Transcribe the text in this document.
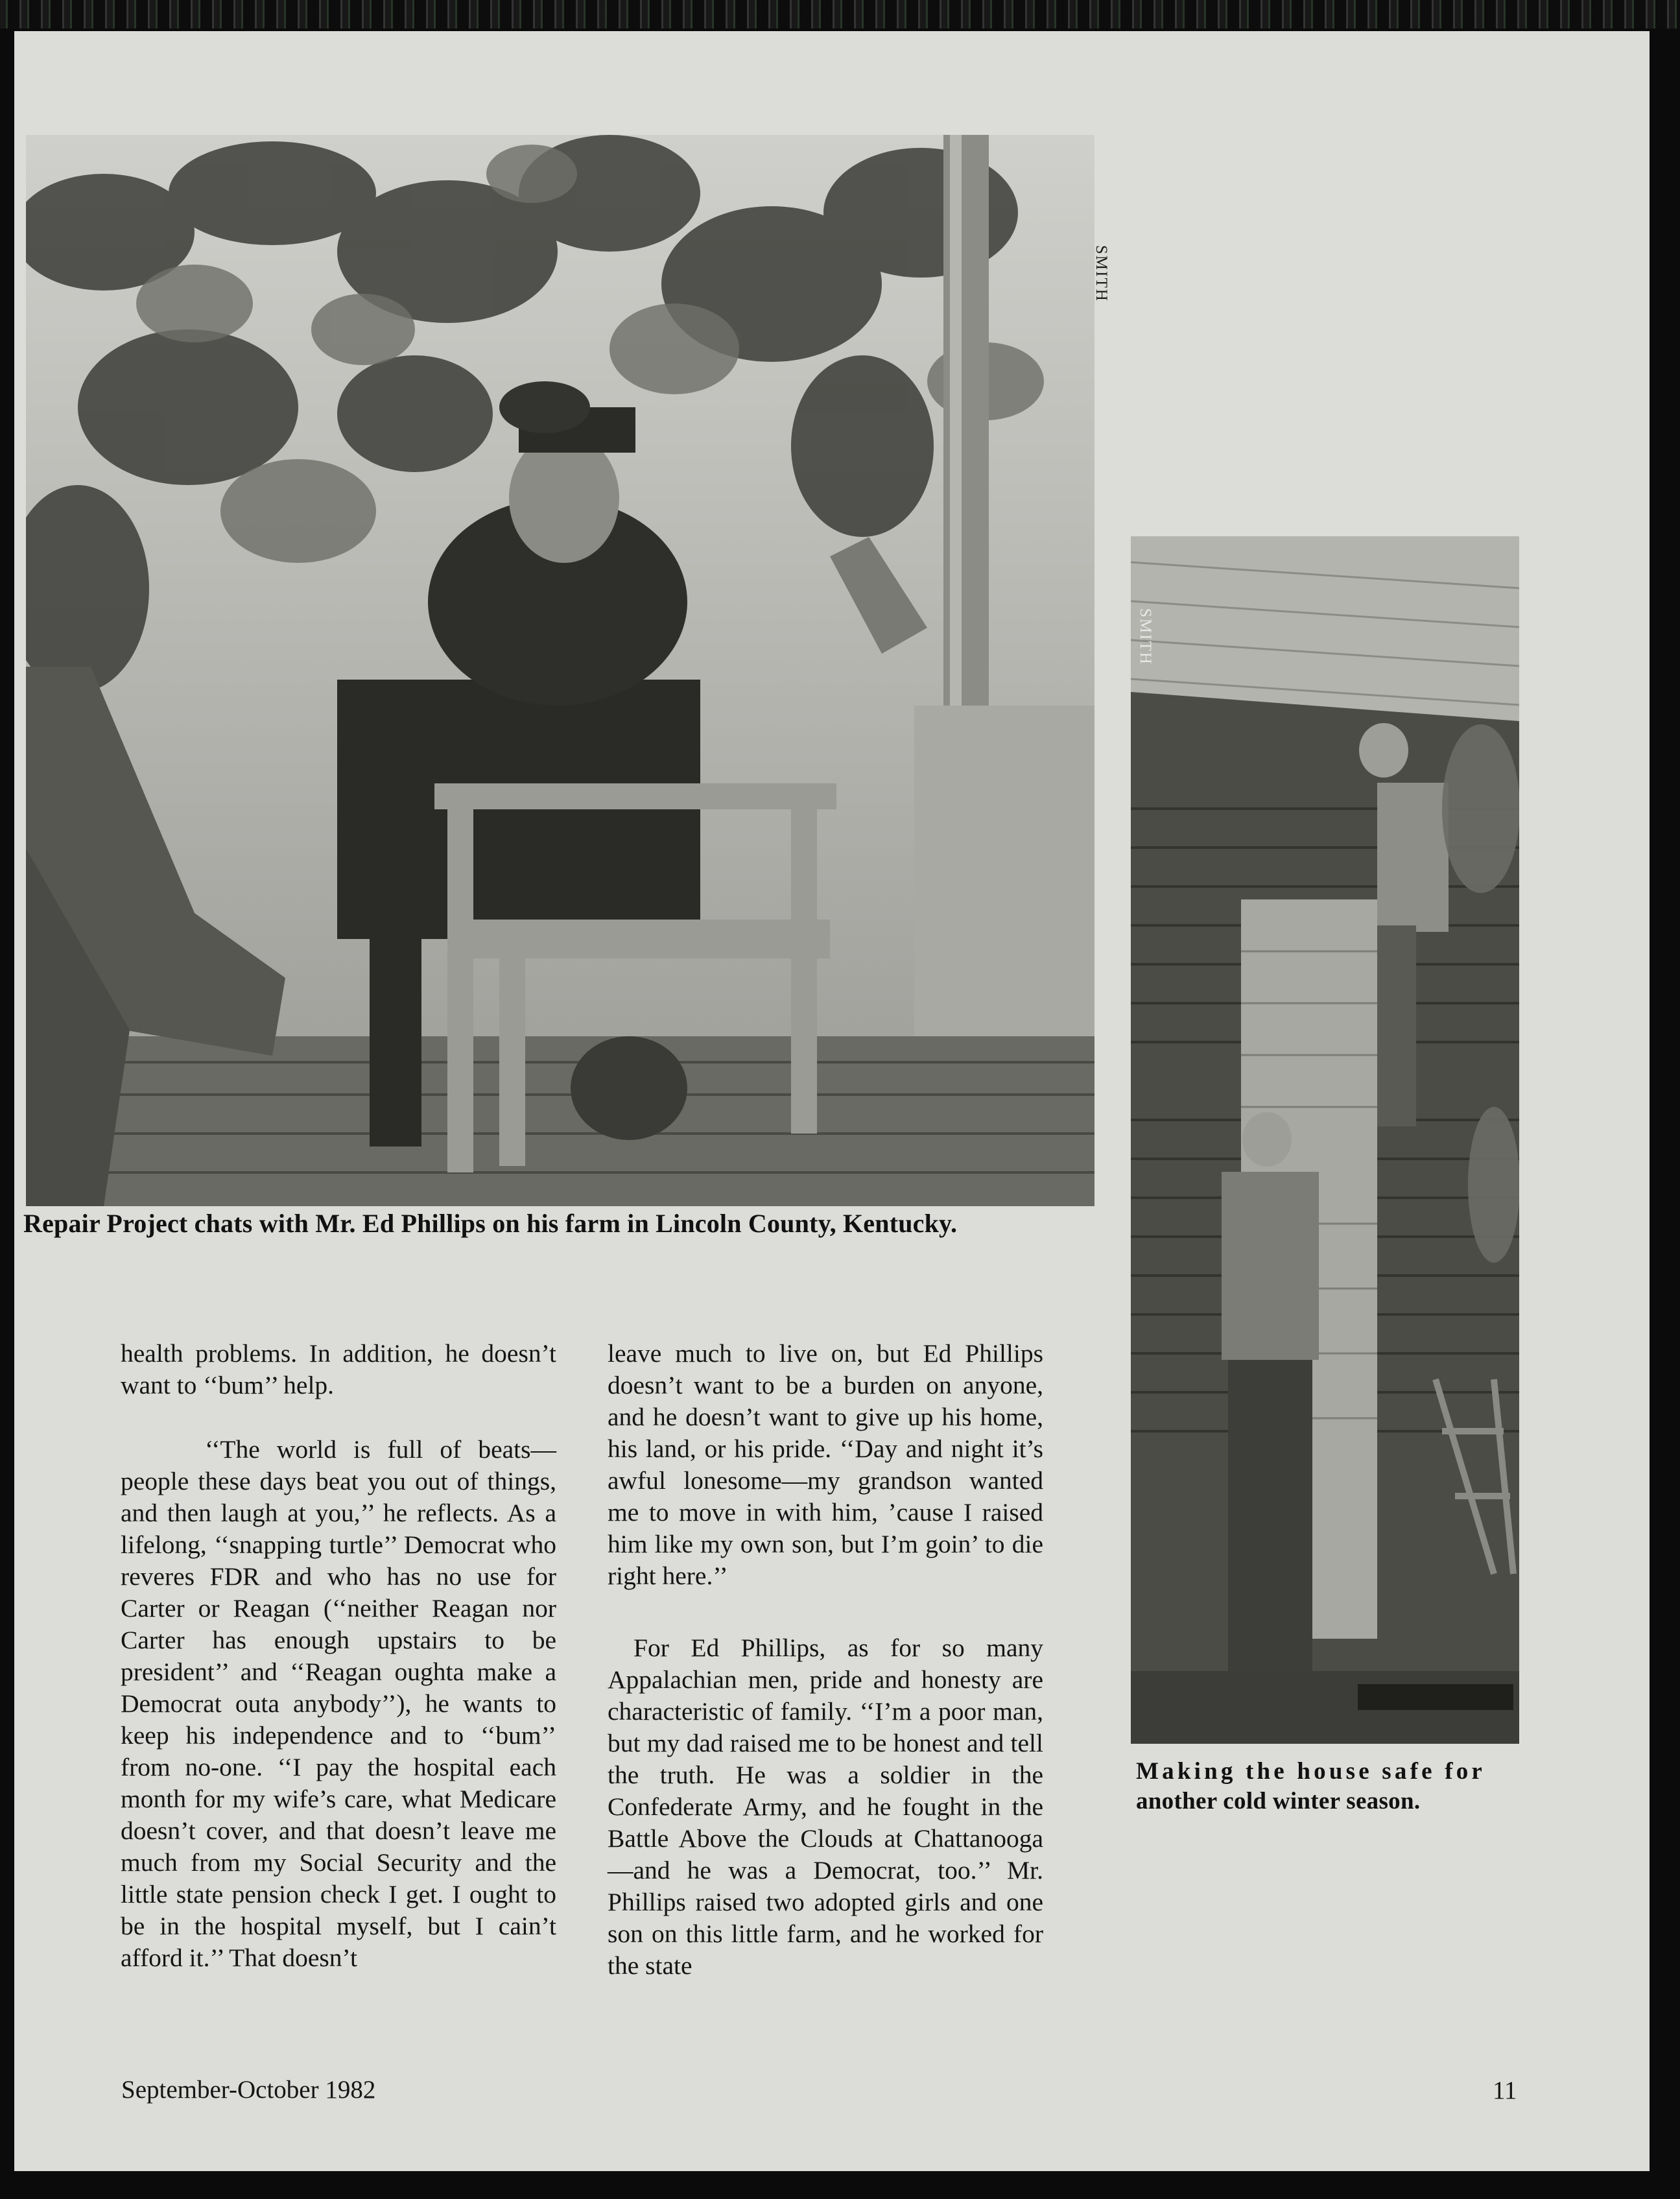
SMITH
Repair Project chats with Mr. Ed Phillips on his farm in Lincoln County, Kentucky.
SMITH
Making the house safe for
another cold winter season.

health problems. In addition, he doesn’t want to ‘‘bum’’ help.

‘‘The world is full of beats—people these days beat you out of things, and then laugh at you,’’ he reflects. As a lifelong, ‘‘snapping turtle’’ Democrat who reveres FDR and who has no use for Carter or Reagan (‘‘neither Reagan nor Carter has enough upstairs to be president’’ and ‘‘Reagan oughta make a Democrat outa anybody’’), he wants to keep his independence and to ‘‘bum’’ from no-one. ‘‘I pay the hospital each month for my wife’s care, what Medicare doesn’t cover, and that doesn’t leave me much from my Social Security and the little state pension check I get. I ought to be in the hospital myself, but I cain’t afford it.’’ That doesn’t

leave much to live on, but Ed Phillips doesn’t want to be a burden on anyone, and he doesn’t want to give up his home, his land, or his pride. ‘‘Day and night it’s awful lonesome—my grandson wanted me to move in with him, ’cause I raised him like my own son, but I’m goin’ to die right here.’’

For Ed Phillips, as for so many Appalachian men, pride and honesty are characteristic of family. ‘‘I’m a poor man, but my dad raised me to be honest and tell the truth. He was a soldier in the Confederate Army, and he fought in the Battle Above the Clouds at Chattanooga—and he was a Democrat, too.’’ Mr. Phillips raised two adopted girls and one son on this little farm, and he worked for the state

September-October 1982	11
